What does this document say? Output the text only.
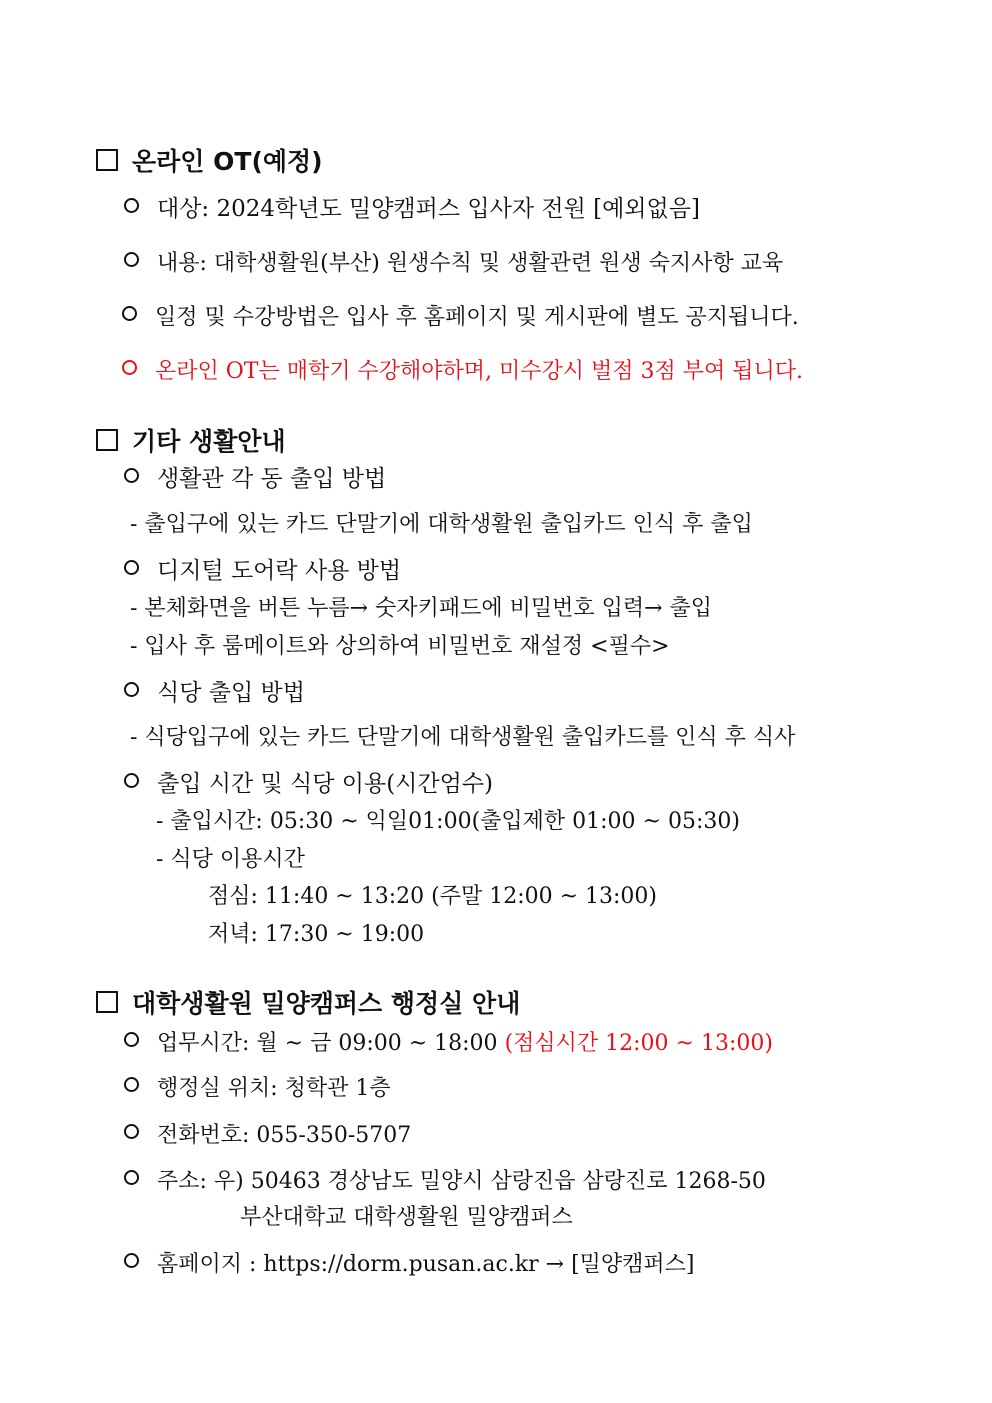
온라인 OT(예정)
대상: 2024학년도 밀양캠퍼스 입사자 전원 [예외없음]
내용: 대학생활원(부산) 원생수칙 및 생활관련 원생 숙지사항 교육
일정 및 수강방법은 입사 후 홈페이지 및 게시판에 별도 공지됩니다.
온라인 OT는 매학기 수강해야하며, 미수강시 벌점 3점 부여 됩니다.
기타 생활안내
생활관 각 동 출입 방법
- 출입구에 있는 카드 단말기에 대학생활원 출입카드 인식 후 출입
디지털 도어락 사용 방법
- 본체화면을 버튼 누름→ 숫자키패드에 비밀번호 입력→ 출입
- 입사 후 룸메이트와 상의하여 비밀번호 재설정 <필수>
식당 출입 방법
- 식당입구에 있는 카드 단말기에 대학생활원 출입카드를 인식 후 식사
출입 시간 및 식당 이용(시간엄수)
- 출입시간: 05:30 ~ 익일01:00(출입제한 01:00 ~ 05:30)
- 식당 이용시간
점심: 11:40 ~ 13:20 (주말 12:00 ~ 13:00)
저녁: 17:30 ~ 19:00
대학생활원 밀양캠퍼스 행정실 안내
업무시간: 월 ~ 금 09:00 ~ 18:00 (점심시간 12:00 ~ 13:00)
행정실 위치: 청학관 1층
전화번호: 055-350-5707
주소: 우) 50463 경상남도 밀양시 삼랑진읍 삼랑진로 1268-50
부산대학교 대학생활원 밀양캠퍼스
홈페이지 : https://dorm.pusan.ac.kr → [밀양캠퍼스]
